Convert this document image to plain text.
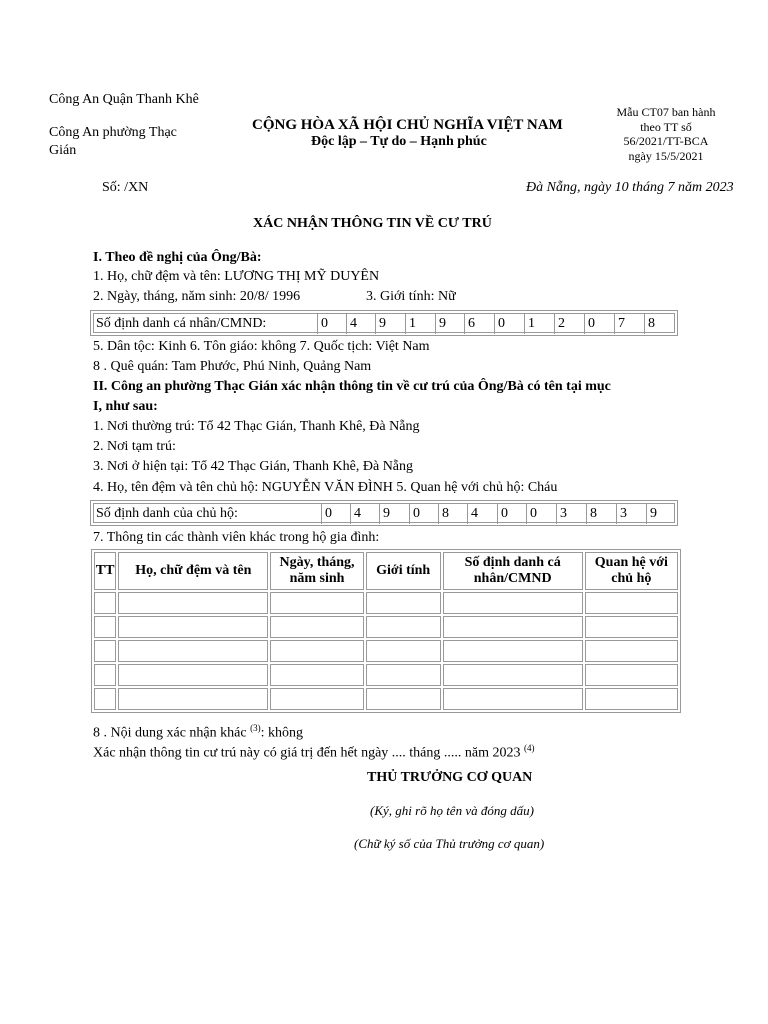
Công An Quận Thanh Khê
Công An phường Thạc
Gián
CỘNG HÒA XÃ HỘI CHỦ NGHĨA VIỆT NAM
Độc lập – Tự do – Hạnh phúc
Mẫu CT07 ban hành
theo TT số
56/2021/TT-BCA
ngày 15/5/2021
Số: /XN	Đà Nẵng, ngày 10 tháng 7 năm 2023
XÁC NHẬN THÔNG TIN VỀ CƯ TRÚ
I. Theo đề nghị của Ông/Bà:
1. Họ, chữ đệm và tên: LƯƠNG THỊ MỸ DUYÊN
2. Ngày, tháng, năm sinh: 20/8/ 1996	3. Giới tính: Nữ
Số định danh cá nhân/CMND:	0	4	9	1	9	6	0	1	2	0	7	8
5. Dân tộc: Kinh 6. Tôn giáo: không 7. Quốc tịch: Việt Nam
8 . Quê quán: Tam Phước, Phú Ninh, Quảng Nam
II. Công an phường Thạc Gián xác nhận thông tin về cư trú của Ông/Bà có tên tại mục
I, như sau:
1. Nơi thường trú: Tổ 42 Thạc Gián, Thanh Khê, Đà Nẵng
2. Nơi tạm trú:
3. Nơi ở hiện tại: Tổ 42 Thạc Gián, Thanh Khê, Đà Nẵng
4. Họ, tên đệm và tên chủ hộ: NGUYỄN VĂN ĐÌNH 5. Quan hệ với chủ hộ: Cháu
Số định danh của chủ hộ:	0	4	9	0	8	4	0	0	3	8	3	9
7. Thông tin các thành viên khác trong hộ gia đình:
TT	Họ, chữ đệm và tên	Ngày, tháng, năm sinh	Giới tính	Số định danh cá nhân/CMND	Quan hệ với chủ hộ

8 . Nội dung xác nhận khác $^{(3)}$: không
Xác nhận thông tin cư trú này có giá trị đến hết ngày .... tháng ..... năm 2023 $^{(4)}$
THỦ TRƯỞNG CƠ QUAN
(Ký, ghi rõ họ tên và đóng dấu)
(Chữ ký số của Thủ trưởng cơ quan)
